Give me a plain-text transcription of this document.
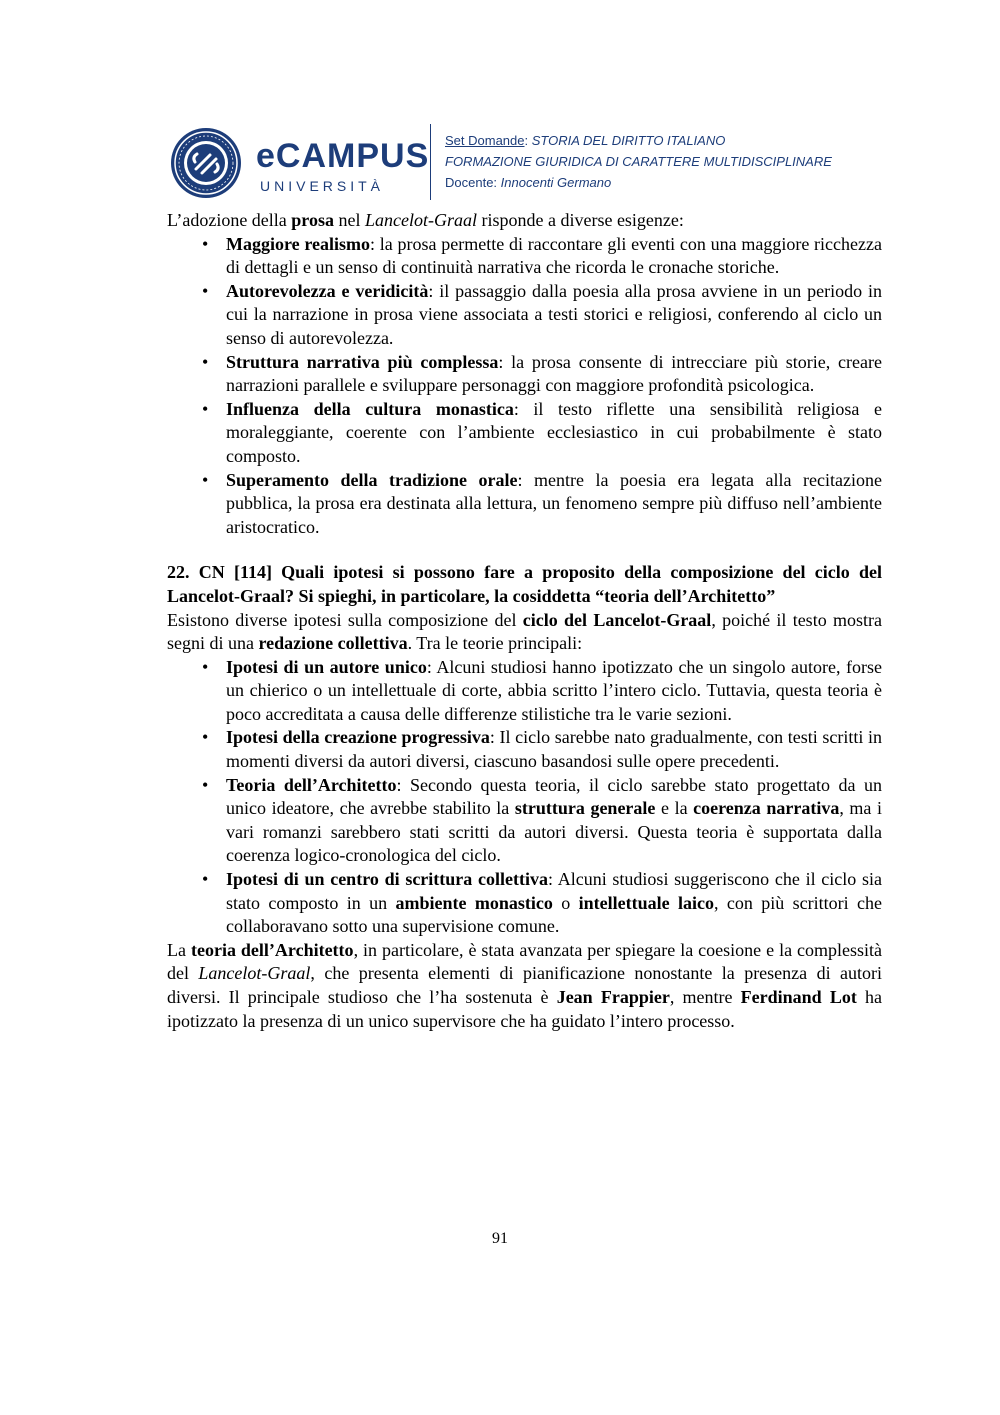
eCAMPUS
UNIVERSITÀ
Set Domande: STORIA DEL DIRITTO ITALIANO
FORMAZIONE GIURIDICA DI CARATTERE MULTIDISCIPLINARE
Docente: Innocenti Germano

L’adozione della prosa nel Lancelot-Graal risponde a diverse esigenze:

• Maggiore realismo: la prosa permette di raccontare gli eventi con una maggiore ricchezza di dettagli e un senso di continuità narrativa che ricorda le cronache storiche.
• Autorevolezza e veridicità: il passaggio dalla poesia alla prosa avviene in un periodo in cui la narrazione in prosa viene associata a testi storici e religiosi, conferendo al ciclo un senso di autorevolezza.
• Struttura narrativa più complessa: la prosa consente di intrecciare più storie, creare narrazioni parallele e sviluppare personaggi con maggiore profondità psicologica.
• Influenza della cultura monastica: il testo riflette una sensibilità religiosa e moraleggiante, coerente con l’ambiente ecclesiastico in cui probabilmente è stato composto.
• Superamento della tradizione orale: mentre la poesia era legata alla recitazione pubblica, la prosa era destinata alla lettura, un fenomeno sempre più diffuso nell’ambiente aristocratico.

22. CN [114] Quali ipotesi si possono fare a proposito della composizione del ciclo del Lancelot-Graal? Si spieghi, in particolare, la cosiddetta “teoria dell’Architetto”

Esistono diverse ipotesi sulla composizione del ciclo del Lancelot-Graal, poiché il testo mostra segni di una redazione collettiva. Tra le teorie principali:

• Ipotesi di un autore unico: Alcuni studiosi hanno ipotizzato che un singolo autore, forse un chierico o un intellettuale di corte, abbia scritto l’intero ciclo. Tuttavia, questa teoria è poco accreditata a causa delle differenze stilistiche tra le varie sezioni.
• Ipotesi della creazione progressiva: Il ciclo sarebbe nato gradualmente, con testi scritti in momenti diversi da autori diversi, ciascuno basandosi sulle opere precedenti.
• Teoria dell’Architetto: Secondo questa teoria, il ciclo sarebbe stato progettato da un unico ideatore, che avrebbe stabilito la struttura generale e la coerenza narrativa, ma i vari romanzi sarebbero stati scritti da autori diversi. Questa teoria è supportata dalla coerenza logico-cronologica del ciclo.
• Ipotesi di un centro di scrittura collettiva: Alcuni studiosi suggeriscono che il ciclo sia stato composto in un ambiente monastico o intellettuale laico, con più scrittori che collaboravano sotto una supervisione comune.

La teoria dell’Architetto, in particolare, è stata avanzata per spiegare la coesione e la complessità del Lancelot-Graal, che presenta elementi di pianificazione nonostante la presenza di autori diversi. Il principale studioso che l’ha sostenuta è Jean Frappier, mentre Ferdinand Lot ha ipotizzato la presenza di un unico supervisore che ha guidato l’intero processo.

91
